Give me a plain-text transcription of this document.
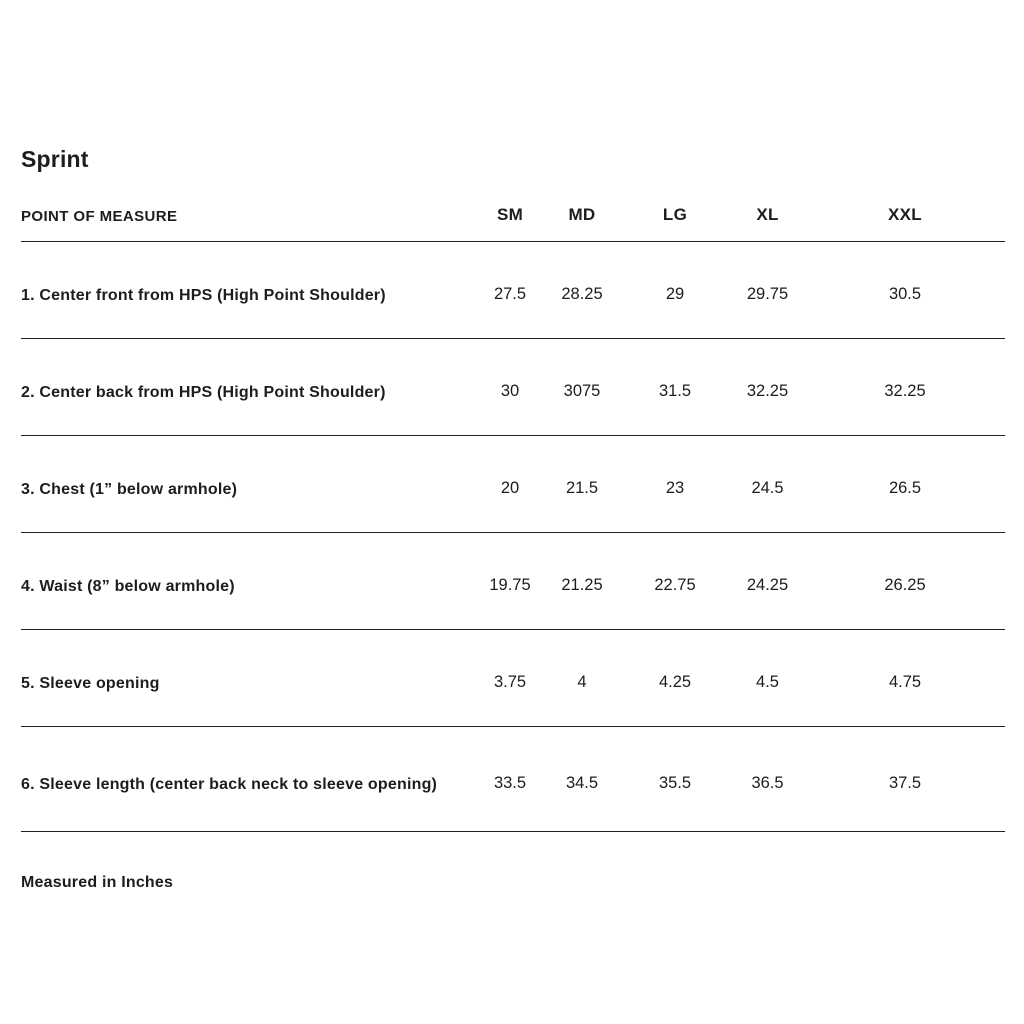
Sprint
POINT OF MEASURE	SM	MD	LG	XL	XXL
1. Center front from HPS (High Point Shoulder)	27.5	28.25	29	29.75	30.5
2. Center back from HPS (High Point Shoulder)	30	3075	31.5	32.25	32.25
3. Chest (1” below armhole)	20	21.5	23	24.5	26.5
4. Waist (8” below armhole)	19.75	21.25	22.75	24.25	26.25
5. Sleeve opening	3.75	4	4.25	4.5	4.75
6. Sleeve length (center back neck to sleeve opening)	33.5	34.5	35.5	36.5	37.5
Measured in Inches
